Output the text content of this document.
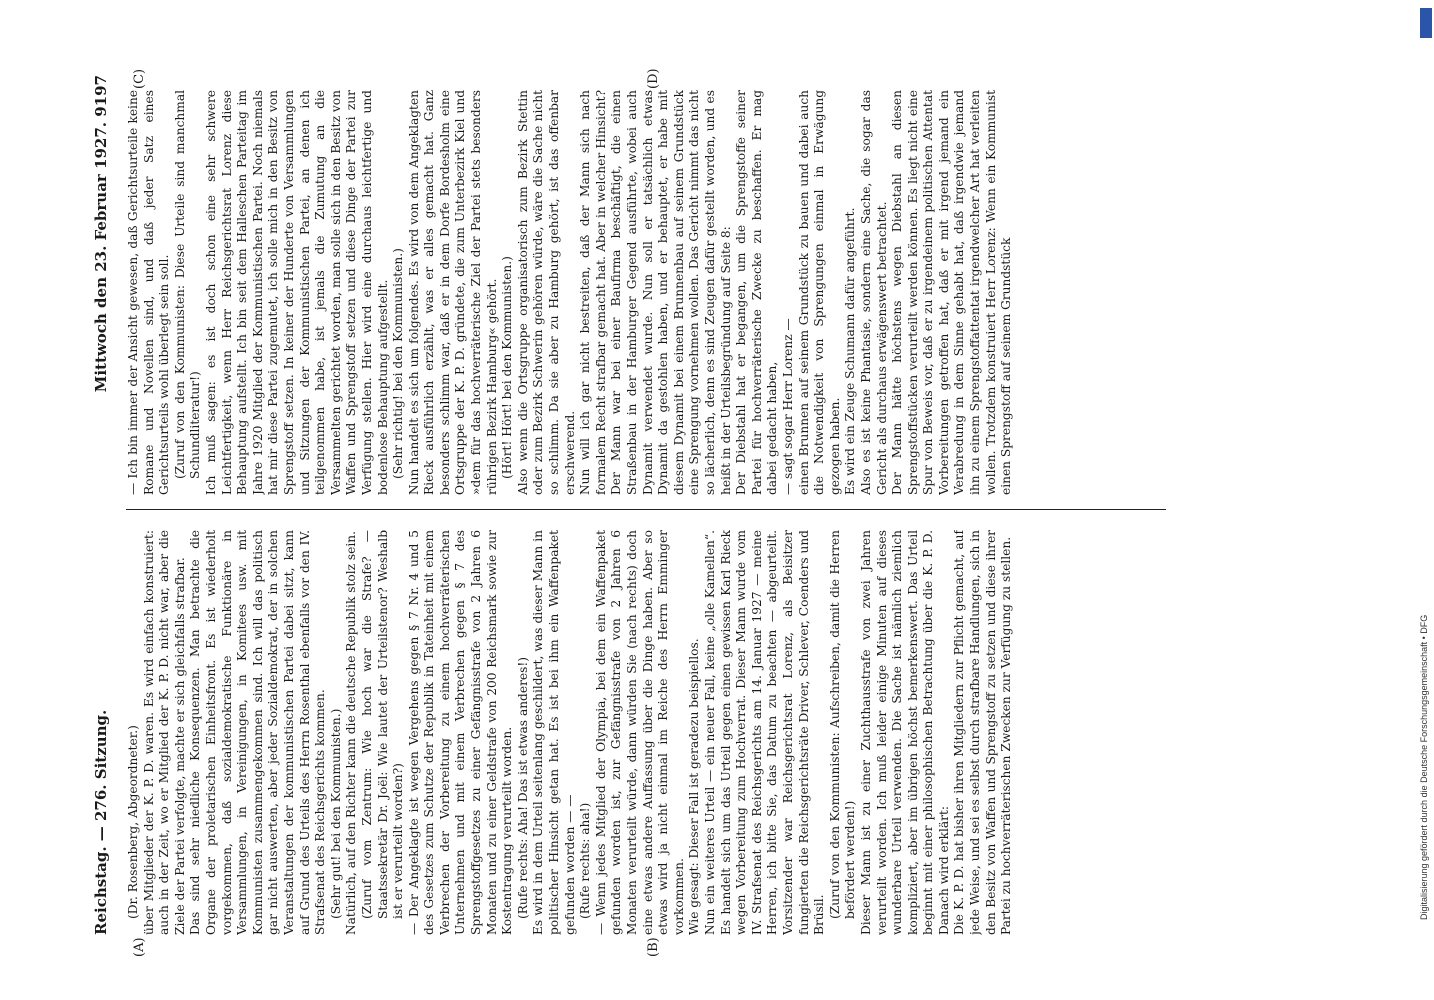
Reichstag. — 276. Sitzung.
Mittwoch den 23. Februar 1927. 9197

(Dr. Rosenberg, Abgeordneter.) über Mitglieder der K. P. D. waren. Es wird einfach konstruiert: auch in der Zeit, wo er Mitglied der K. P. D. nicht war, aber die Ziele der Partei verfolgte, machte er sich gleichfalls strafbar. Das sind sehr niedliche Konsequenzen. Man betrachte die Organe der proletarischen Einheitsfront. Es ist wiederholt vorgekommen, daß sozialdemokratische Funktionäre in Versammlungen, in Vereinigungen, in Komitees usw. mit Kommunisten zusammengekommen sind. Ich will das politisch gar nicht auswerten, aber jeder Sozialdemokrat, der in solchen Veranstaltungen der kommunistischen Partei dabei sitzt, kann auf Grund des Urteils des Herrn Rosenthal ebenfalls vor den IV. Strafsenat des Reichsgerichts kommen. (Sehr gut! bei den Kommunisten.) Natürlich, auf den Richter kann die deutsche Republik stolz sein. (Zuruf vom Zentrum: Wie hoch war die Strafe? — Staatssekretär Dr. Joël: Wie lautet der Urteilstenor? Weshalb ist er verurteilt worden?) — Der Angeklagte ist wegen Vergehens gegen § 7 Nr. 4 und 5 des Gesetzes zum Schutze der Republik in Tateinheit mit einem Verbrechen der Vorbereitung zu einem hochverräterischen Unternehmen und mit einem Verbrechen gegen § 7 des Sprengstoffgesetzes zu einer Gefängnisstrafe von 2 Jahren 6 Monaten und zu einer Geldstrafe von 200 Reichsmark sowie zur Kostentragung verurteilt worden. (Rufe rechts: Aha! Das ist etwas anderes!) Es wird in dem Urteil seitenlang geschildert, was dieser Mann in politischer Hinsicht getan hat. Es ist bei ihm ein Waffenpaket gefunden worden — — (Rufe rechts: aha!) — Wenn jedes Mitglied der Olympia, bei dem ein Waffenpaket gefunden worden ist, zur Gefängnisstrafe von 2 Jahren 6 Monaten verurteilt würde, dann würden Sie (nach rechts) doch eine etwas andere Auffassung über die Dinge haben. Aber so etwas wird ja nicht einmal im Reiche des Herrn Emminger vorkommen. Wie gesagt: Dieser Fall ist geradezu beispiellos. Nun ein weiteres Urteil — ein neuer Fall, keine „olle Kamellen“. Es handelt sich um das Urteil gegen einen gewissen Karl Rieck wegen Vorbereitung zum Hochverrat. Dieser Mann wurde vom IV. Strafsenat des Reichsgerichts am 14. Januar 1927 — meine Herren, ich bitte Sie, das Datum zu beachten — abgeurteilt. Vorsitzender war Reichsgerichtsrat Lorenz, als Beisitzer fungierten die Reichsgerichtsräte Driver, Schlever, Coenders und Brüsil. (Zuruf von den Kommunisten: Aufschreiben, damit die Herren befördert werden!) Dieser Mann ist zu einer Zuchthausstrafe von zwei Jahren verurteilt worden. Ich muß leider einige Minuten auf dieses wunderbare Urteil verwenden. Die Sache ist nämlich ziemlich kompliziert, aber im übrigen höchst bemerkenswert. Das Urteil beginnt mit einer philosophischen Betrachtung über die K. P. D. Danach wird erklärt: Die K. P. D. hat bisher ihren Mitgliedern zur Pflicht gemacht, auf jede Weise, und sei es selbst durch strafbare Handlungen, sich in den Besitz von Waffen und Sprengstoff zu setzen und diese ihrer Partei zu hochverräterischen Zwecken zur Verfügung zu stellen.

— Ich bin immer der Ansicht gewesen, daß Gerichtsurteile keine Romane und Novellen sind, und daß jeder Satz eines Gerichtsurteils wohl überlegt sein soll. (Zuruf von den Kommunisten: Diese Urteile sind manchmal Schundliteratur!) Ich muß sagen: es ist doch schon eine sehr schwere Leichtfertigkeit, wenn Herr Reichsgerichtsrat Lorenz diese Behauptung aufstellt. Ich bin seit dem Halleschen Parteitag im Jahre 1920 Mitglied der Kommunistischen Partei. Noch niemals hat mir diese Partei zugemutet, ich solle mich in den Besitz von Sprengstoff setzen. In keiner der Hunderte von Versammlungen und Sitzungen der Kommunistischen Partei, an denen ich teilgenommen habe, ist jemals die Zumutung an die Versammelten gerichtet worden, man solle sich in den Besitz von Waffen und Sprengstoff setzen und diese Dinge der Partei zur Verfügung stellen. Hier wird eine durchaus leichtfertige und bodenlose Behauptung aufgestellt. (Sehr richtig! bei den Kommunisten.) Nun handelt es sich um folgendes. Es wird von dem Angeklagten Rieck ausführlich erzählt, was er alles gemacht hat. Ganz besonders schlimm war, daß er in dem Dorfe Bordesholm eine Ortsgruppe der K. P. D. gründete, die zum Unterbezirk Kiel und »dem für das hochverräterische Ziel der Partei stets besonders rührigen Bezirk Hamburg« gehört. (Hört! Hört! bei den Kommunisten.) Also wenn die Ortsgruppe organisatorisch zum Bezirk Stettin oder zum Bezirk Schwerin gehören würde, wäre die Sache nicht so schlimm. Da sie aber zu Hamburg gehört, ist das offenbar erschwerend. Nun will ich gar nicht bestreiten, daß der Mann sich nach formalem Recht strafbar gemacht hat. Aber in welcher Hinsicht? Der Mann war bei einer Baufirma beschäftigt, die einen Straßenbau in der Hamburger Gegend ausführte, wobei auch Dynamit verwendet wurde. Nun soll er tatsächlich etwas Dynamit da gestohlen haben, und er behauptet, er habe mit diesem Dynamit bei einem Brunnenbau auf seinem Grundstück eine Sprengung vornehmen wollen. Das Gericht nimmt das nicht so lächerlich, denn es sind Zeugen dafür gestellt worden, und es heißt in der Urteilsbegründung auf Seite 8: Der Diebstahl hat er begangen, um die Sprengstoffe seiner Partei für hochverräterische Zwecke zu beschaffen. Er mag dabei gedacht haben, — sagt sogar Herr Lorenz — einen Brunnen auf seinem Grundstück zu bauen und dabei auch die Notwendigkeit von Sprengungen einmal in Erwägung gezogen haben. Es wird ein Zeuge Schumann dafür angeführt. Also es ist keine Phantasie, sondern eine Sache, die sogar das Gericht als durchaus erwägenswert betrachtet. Der Mann hätte höchstens wegen Diebstahl an diesen Sprengstoffstücken verurteilt werden können. Es liegt nicht eine Spur von Beweis vor, daß er zu irgendeinem politischen Attentat Vorbereitungen getroffen hat, daß er mit irgend jemand ein Verabredung in dem Sinne gehabt hat, daß irgendwie jemand ihn zu einem Sprengstoffattentat irgendwelcher Art hat verleiten wollen. Trotzdem konstruiert Herr Lorenz: Wenn ein Kommunist einen Sprengstoff auf seinem Grundstück

(A)	(B)
(C)	(D)
Digitalisierung gefördert durch die Deutsche Forschungsgemeinschaft • DFG
